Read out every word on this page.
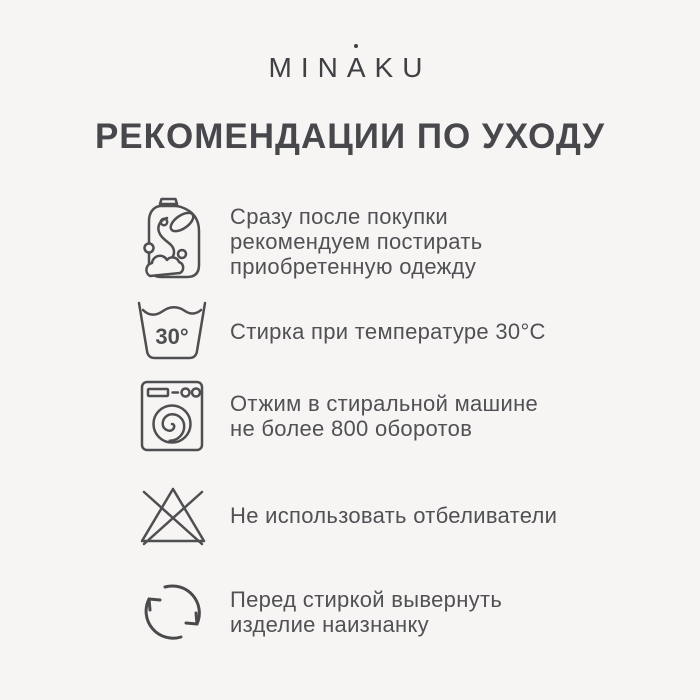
MIN
AKU
РЕКОМЕНДАЦИИ ПО УХОДУ
Сразу после покупки
рекомендуем постирать
приобретенную одежду
30° Стирка при температуре 30°С
Отжим в стиральной машине
не более 800 оборотов
Не использовать отбеливатели
Перед стиркой вывернуть
изделие наизнанку
